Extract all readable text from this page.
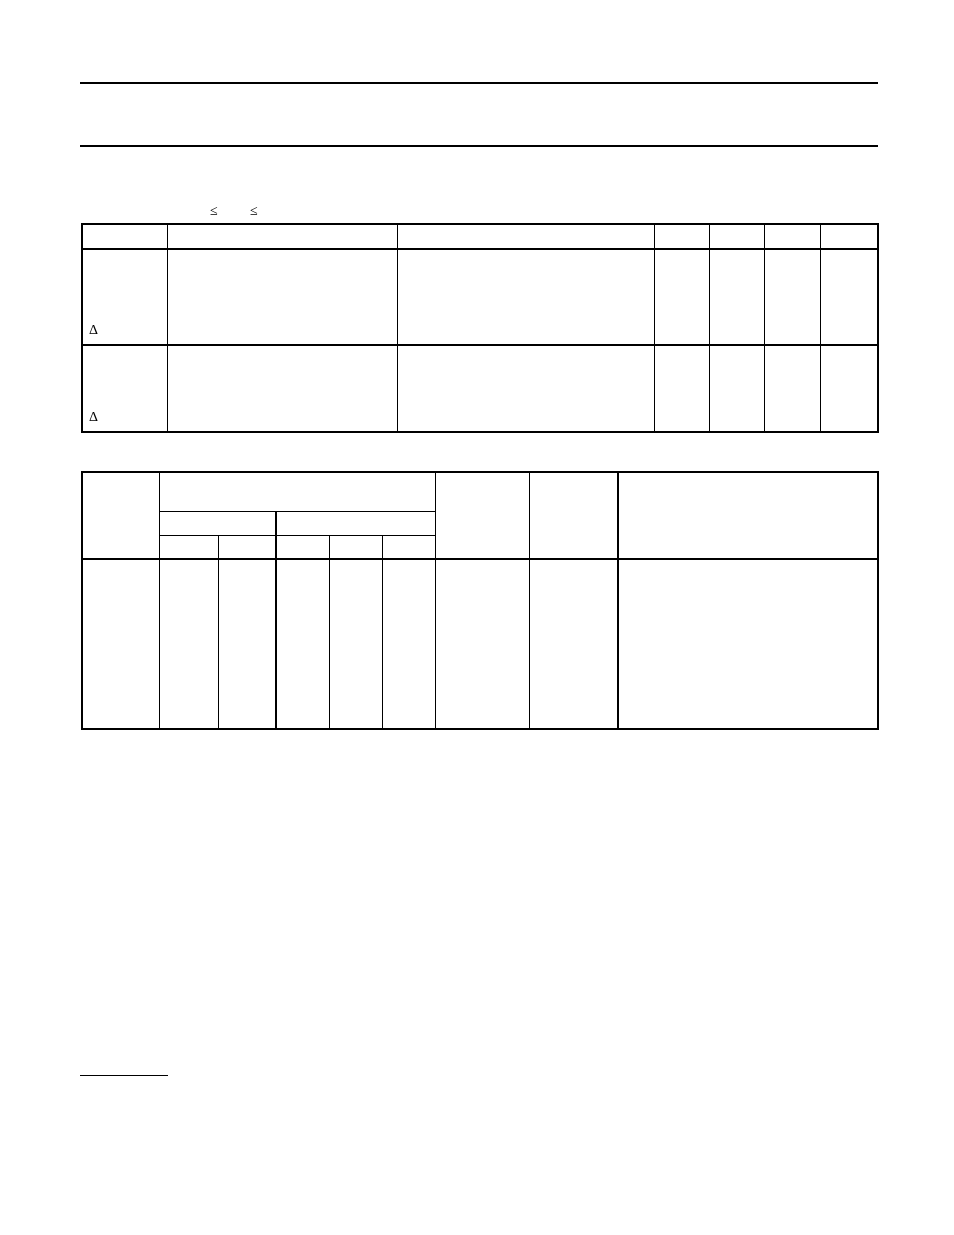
≤ ≤

Δ						

Δ						
